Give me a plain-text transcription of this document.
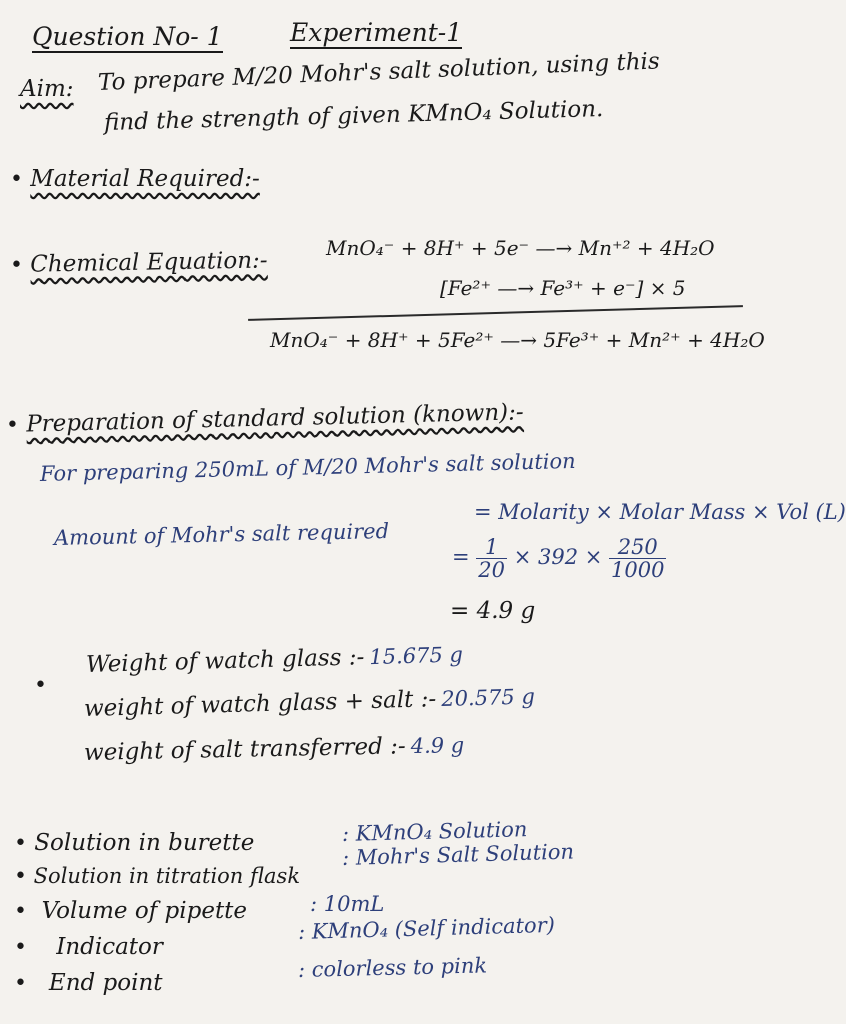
Question No- 1	Experiment-1
Aim: To prepare M/20 Mohr's salt solution, using this
find the strength of given KMnO₄ Solution.
• Material Required:-
• Chemical Equation:-	MnO₄⁻ + 8H⁺ + 5e⁻ —→ Mn⁺² + 4H₂O
[Fe²⁺ —→ Fe³⁺ + e⁻] × 5
MnO₄⁻ + 8H⁺ + 5Fe²⁺ —→ 5Fe³⁺ + Mn²⁺ + 4H₂O
• Preparation of standard solution (known):-
For preparing 250mL of M/20 Mohr's salt solution
Amount of Mohr's salt required
= Molarity × Molar Mass × Vol (L)
= $\frac{1}{20} \times 392 \times \frac{250}{1000}$
= 4.9 g
•
Weight of watch glass :- 15.675 g
weight of watch glass + salt :- 20.575 g
weight of salt transferred :- 4.9 g
• Solution in burette	: KMnO₄ Solution
• Solution in titration flask
: Mohr's Salt Solution
• Volume of pipette	: 10mL
• Indicator
: KMnO₄ (Self indicator)
• End point
: colorless to pink
